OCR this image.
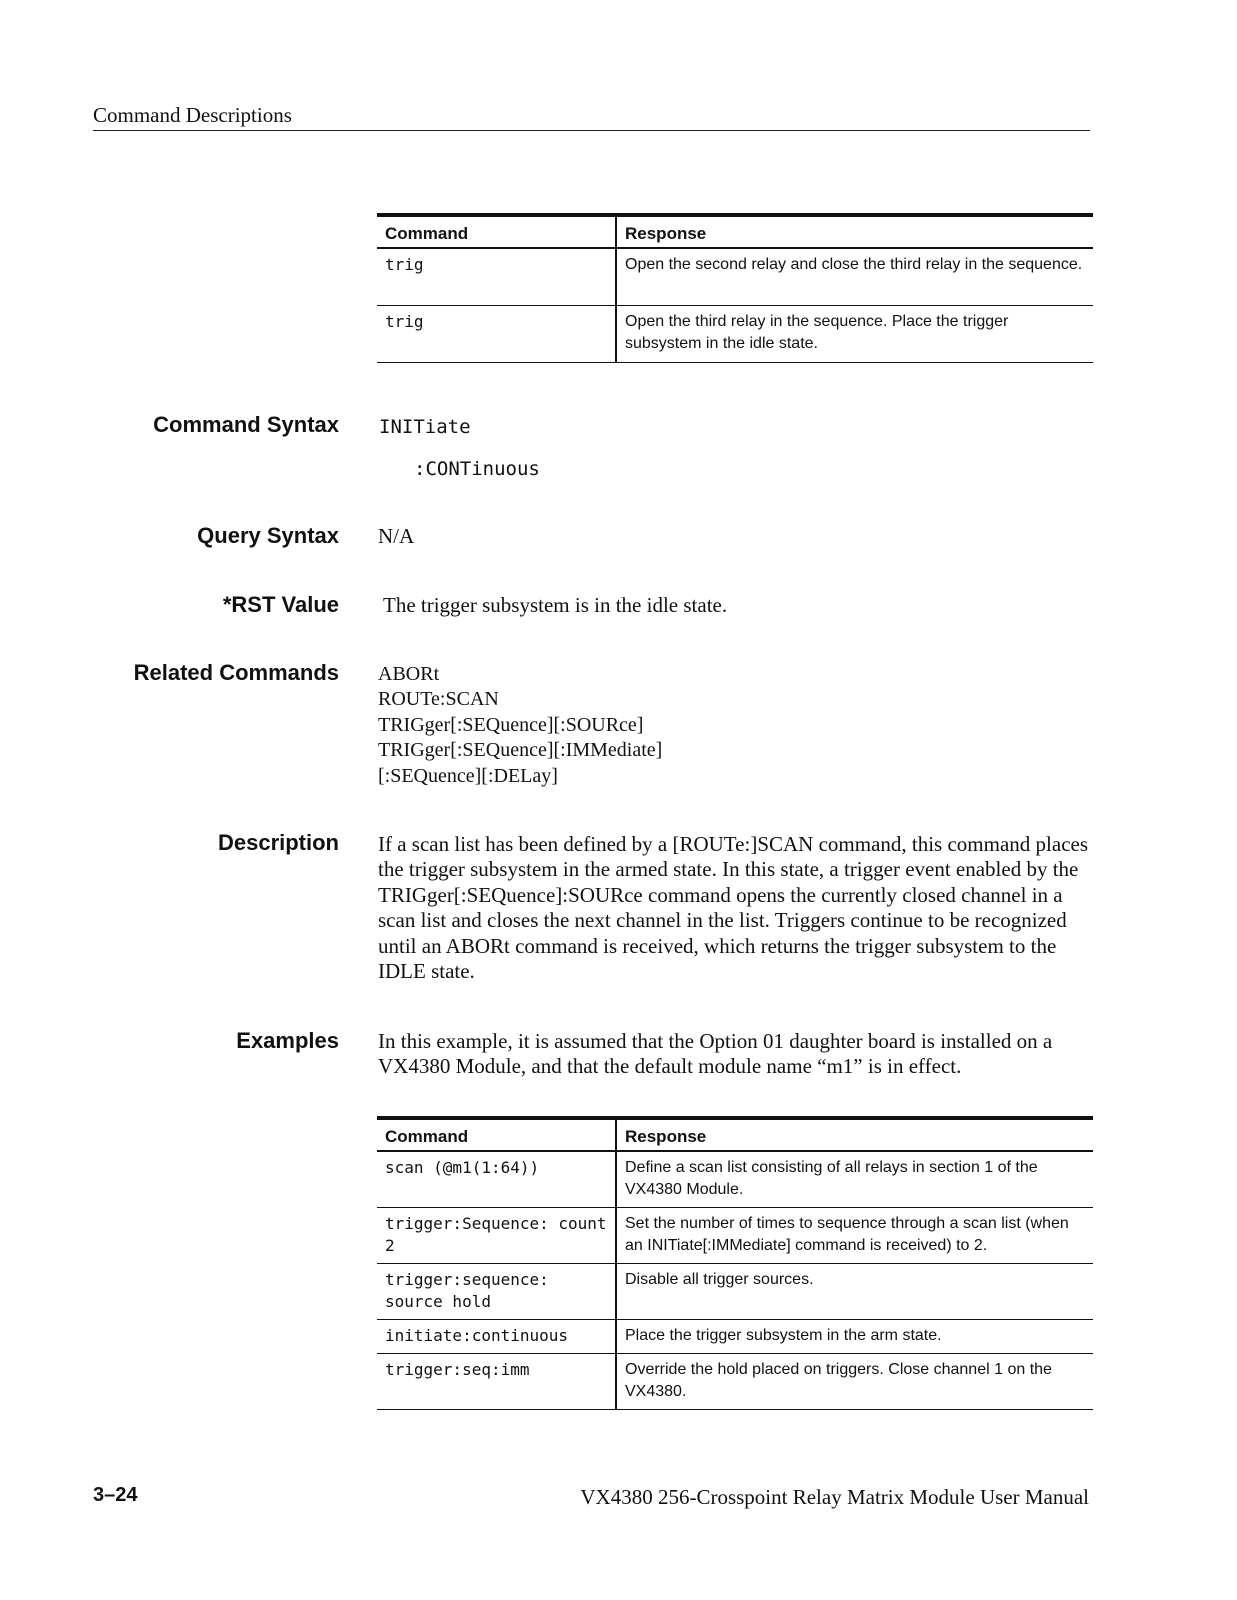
Command Descriptions
Command	Response
trig	Open the second relay and close the third relay in the sequence.
trig	Open the third relay in the sequence. Place the trigger subsystem in the idle state.
Command Syntax INITiate
:CONTinuous
Query Syntax N/A
*RST Value The trigger subsystem is in the idle state.
Related Commands ABORt
ROUTe:SCAN
TRIGger[:SEQuence][:SOURce]
TRIGger[:SEQuence][:IMMediate]
[:SEQuence][:DELay]
Description If a scan list has been defined by a [ROUTe:]SCAN command, this command places the trigger subsystem in the armed state. In this state, a trigger event enabled by the TRIGger[:SEQuence]:SOURce command opens the currently closed channel in a scan list and closes the next channel in the list. Triggers continue to be recognized until an ABORt command is received, which returns the trigger subsystem to the IDLE state.
Examples In this example, it is assumed that the Option 01 daughter board is installed on a VX4380 Module, and that the default module name “m1” is in effect.
Command	Response
scan (@m1(1:64))	Define a scan list consisting of all relays in section 1 of the VX4380 Module.
trigger:Sequence: count 2	Set the number of times to sequence through a scan list (when an INITiate[:IMMediate] command is received) to 2.
trigger:sequence: source hold	Disable all trigger sources.
initiate:continuous	Place the trigger subsystem in the arm state.
trigger:seq:imm	Override the hold placed on triggers. Close channel 1 on the VX4380.
3–24	VX4380 256-Crosspoint Relay Matrix Module User Manual
